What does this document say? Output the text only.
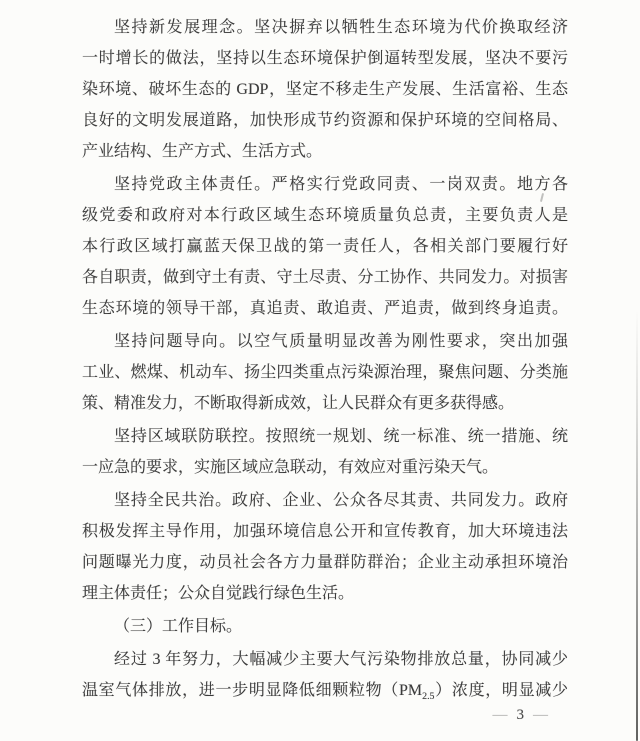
坚持新发展理念。坚决摒弃以牺牲生态环境为代价换取经济
一时增长的做法，坚持以生态环境保护倒逼转型发展，坚决不要污
染环境、破坏生态的 GDP，坚定不移走生产发展、生活富裕、生态
良好的文明发展道路，加快形成节约资源和保护环境的空间格局、
产业结构、生产方式、生活方式。
坚持党政主体责任。严格实行党政同责、一岗双责。地方各
级党委和政府对本行政区域生态环境质量负总责，主要负责人是
本行政区域打赢蓝天保卫战的第一责任人，各相关部门要履行好
各自职责，做到守土有责、守土尽责、分工协作、共同发力。对损害
生态环境的领导干部，真追责、敢追责、严追责，做到终身追责。
坚持问题导向。以空气质量明显改善为刚性要求，突出加强
工业、燃煤、机动车、扬尘四类重点污染源治理，聚焦问题、分类施
策、精准发力，不断取得新成效，让人民群众有更多获得感。
坚持区域联防联控。按照统一规划、统一标准、统一措施、统
一应急的要求，实施区域应急联动，有效应对重污染天气。
坚持全民共治。政府、企业、公众各尽其责、共同发力。政府
积极发挥主导作用，加强环境信息公开和宣传教育，加大环境违法
问题曝光力度，动员社会各方力量群防群治；企业主动承担环境治
理主体责任；公众自觉践行绿色生活。
（三）工作目标。
经过 3 年努力，大幅减少主要大气污染物排放总量，协同减少
温室气体排放，进一步明显降低细颗粒物$(PM_{2.5})$浓度，明显减少
— 3 —
